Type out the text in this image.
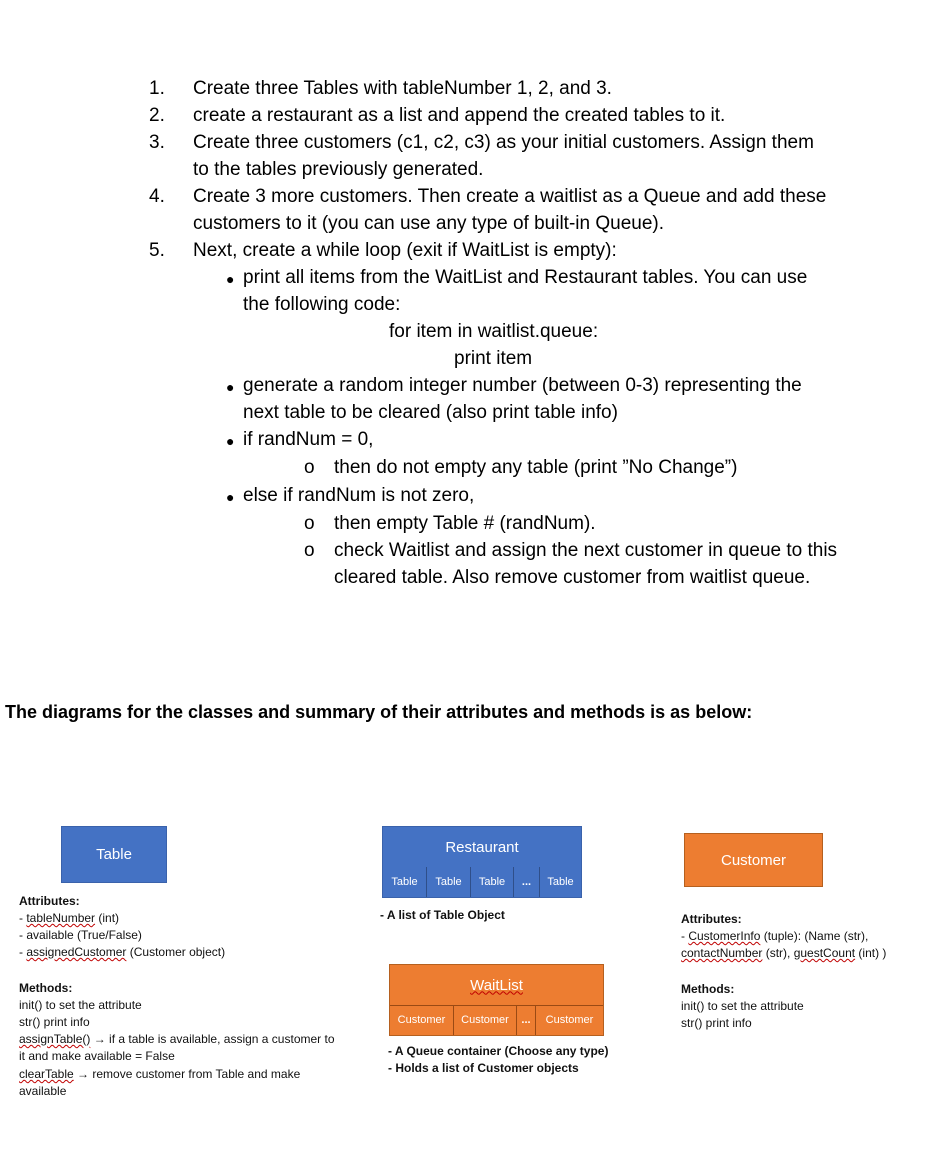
1. Create three Tables with tableNumber 1, 2, and 3.
2. create a restaurant as a list and append the created tables to it.
3. Create three customers (c1, c2, c3) as your initial customers. Assign them
to the tables previously generated.
4. Create 3 more customers. Then create a waitlist as a Queue and add these
customers to it (you can use any type of built-in Queue).
5. Next, create a while loop (exit if WaitList is empty):
● print all items from the WaitList and Restaurant tables. You can use
the following code:
for item in waitlist.queue:
print item
● generate a random integer number (between 0-3) representing the
next table to be cleared (also print table info)
● if randNum = 0,
o then do not empty any table (print ”No Change”)
● else if randNum is not zero,
o then empty Table # (randNum).
o check Waitlist and assign the next customer in queue to this
cleared table. Also remove customer from waitlist queue.
The diagrams for the classes and summary of their attributes and methods is as below:
Table
Attributes:
- tableNumber (int)
- available (True/False)
- assignedCustomer (Customer object)
Methods:
init() to set the attribute
str() print info
assignTable() → if a table is available, assign a customer to
it and make available = False
clearTable → remove customer from Table and make
available
Restaurant
Table	Table	Table	...	Table
- A list of Table Object
WaitList
Customer	Customer	...	Customer
- A Queue container (Choose any type)
- Holds a list of Customer objects
Customer
Attributes:
- CustomerInfo (tuple): (Name (str),
contactNumber (str), guestCount (int) )
Methods:
init() to set the attribute
str() print info
